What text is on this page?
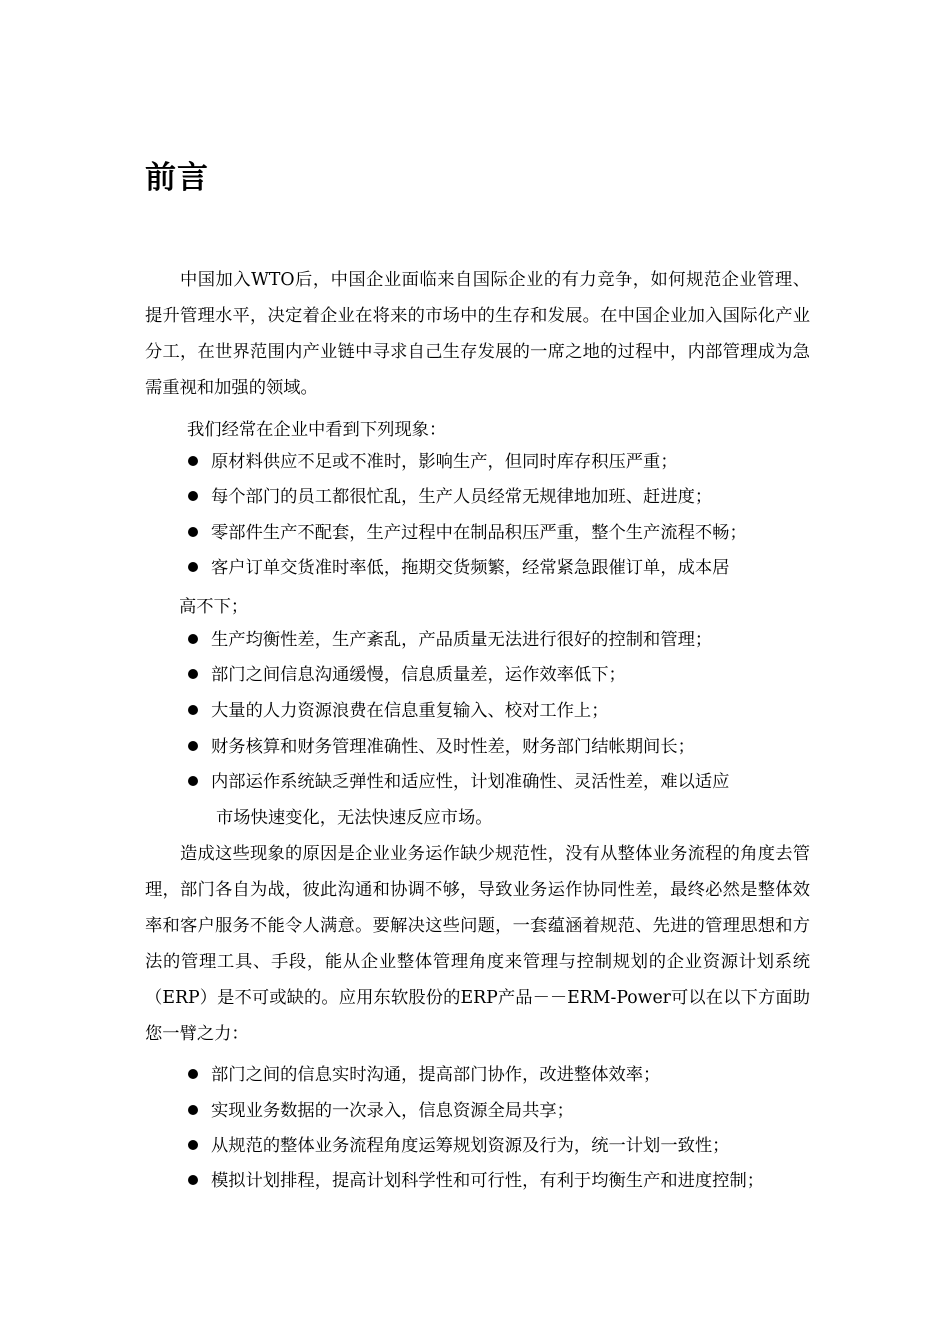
前言

中国加入WTO后，中国企业面临来自国际企业的有力竞争，如何规范企业管理、提升管理水平，决定着企业在将来的市场中的生存和发展。在中国企业加入国际化产业分工，在世界范围内产业链中寻求自己生存发展的一席之地的过程中，内部管理成为急需重视和加强的领域。

我们经常在企业中看到下列现象：

原材料供应不足或不准时，影响生产，但同时库存积压严重；

每个部门的员工都很忙乱，生产人员经常无规律地加班、赶进度；

零部件生产不配套，生产过程中在制品积压严重，整个生产流程不畅；

客户订单交货准时率低，拖期交货频繁，经常紧急跟催订单，成本居

高不下；

生产均衡性差，生产紊乱，产品质量无法进行很好的控制和管理；

部门之间信息沟通缓慢，信息质量差，运作效率低下；

大量的人力资源浪费在信息重复输入、校对工作上；

财务核算和财务管理准确性、及时性差，财务部门结帐期间长；

内部运作系统缺乏弹性和适应性，计划准确性、灵活性差，难以适应

市场快速变化，无法快速反应市场。

造成这些现象的原因是企业业务运作缺少规范性，没有从整体业务流程的角度去管理，部门各自为战，彼此沟通和协调不够，导致业务运作协同性差，最终必然是整体效率和客户服务不能令人满意。要解决这些问题，一套蕴涵着规范、先进的管理思想和方法的管理工具、手段，能从企业整体管理角度来管理与控制规划的企业资源计划系统（ERP）是不可或缺的。应用东软股份的ERP产品－－ERM-Power可以在以下方面助您一臂之力：

部门之间的信息实时沟通，提高部门协作，改进整体效率；

实现业务数据的一次录入，信息资源全局共享；

从规范的整体业务流程角度运筹规划资源及行为，统一计划一致性；

模拟计划排程，提高计划科学性和可行性，有利于均衡生产和进度控制；
